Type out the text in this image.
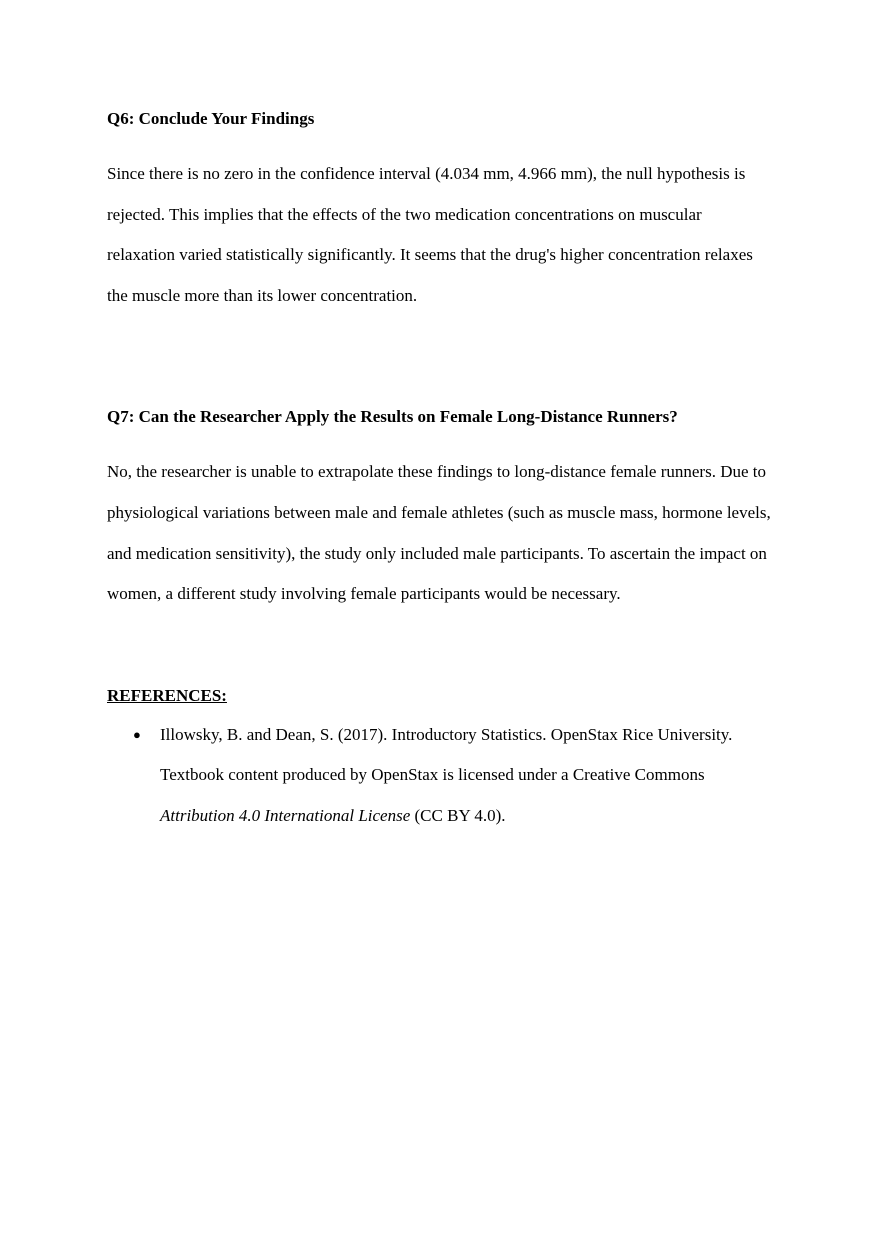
Q6: Conclude Your Findings

Since there is no zero in the confidence interval (4.034 mm, 4.966 mm), the null hypothesis is rejected. This implies that the effects of the two medication concentrations on muscular relaxation varied statistically significantly. It seems that the drug's higher concentration relaxes the muscle more than its lower concentration.

Q7: Can the Researcher Apply the Results on Female Long-Distance Runners?

No, the researcher is unable to extrapolate these findings to long-distance female runners. Due to physiological variations between male and female athletes (such as muscle mass, hormone levels, and medication sensitivity), the study only included male participants. To ascertain the impact on women, a different study involving female participants would be necessary.

REFERENCES:
●	Illowsky, B. and Dean, S. (2017). Introductory Statistics. OpenStax Rice University. Textbook content produced by OpenStax is licensed under a Creative Commons Attribution 4.0 International License (CC BY 4.0).
